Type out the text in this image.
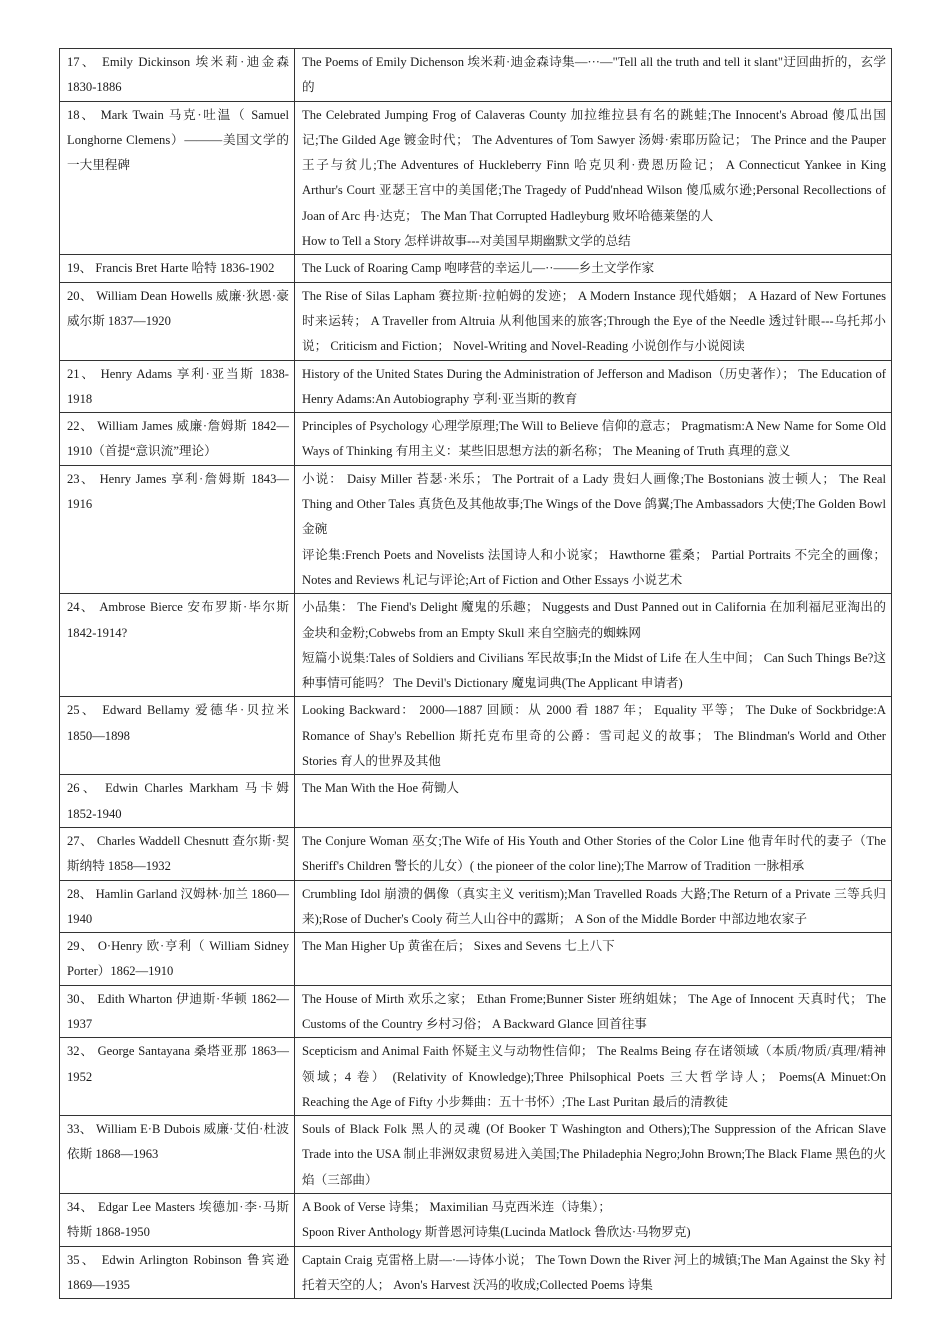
17、 Emily Dickinson 埃米莉·迪金森 1830-1886	The Poems of Emily Dichenson 埃米莉·迪金森诗集—···—"Tell all the truth and tell it slant"迂回曲折的，玄学的

18、 Mark Twain 马克·吐温（ Samuel Longhorne Clemens）———美国文学的一大里程碑	The Celebrated Jumping Frog of Calaveras County 加拉维拉县有名的跳蛙;The Innocent's Abroad 傻瓜出国记;The Gilded Age 镀金时代； The Adventures of Tom Sawyer 汤姆·索耶历险记； The Prince and the Pauper 王子与贫儿;The Adventures of Huckleberry Finn 哈克贝利·费恩历险记； A Connecticut Yankee in King Arthur's Court 亚瑟王宫中的美国佬;The Tragedy of Pudd'nhead Wilson 傻瓜威尔逊;Personal Recollections of Joan of Arc 冉·达克； The Man That Corrupted Hadleyburg 败坏哈德莱堡的人
How to Tell a Story 怎样讲故事---对美国早期幽默文学的总结

19、 Francis Bret Harte 哈特 1836-1902	The Luck of Roaring Camp 咆哮营的幸运儿—··——乡土文学作家

20、 William Dean Howells 威廉·狄恩·豪威尔斯 1837—1920	The Rise of Silas Lapham 赛拉斯·拉帕姆的发迹； A Modern Instance 现代婚姻； A Hazard of New Fortunes 时来运转； A Traveller from Altruia 从利他国来的旅客;Through the Eye of the Needle 透过针眼---乌托邦小说； Criticism and Fiction； Novel-Writing and Novel-Reading 小说创作与小说阅读

21、 Henry Adams 享利·亚当斯 1838-1918	History of the United States During the Administration of Jefferson and Madison（历史著作）； The Education of Henry Adams:An Autobiography 亨利·亚当斯的教育

22、 William James 威廉·詹姆斯 1842—1910（首提“意识流”理论）	Principles of Psychology 心理学原理;The Will to Believe 信仰的意志； Pragmatism:A New Name for Some Old Ways of Thinking 有用主义：某些旧思想方法的新名称； The Meaning of Truth 真理的意义

23、 Henry James 享利·詹姆斯 1843—1916	小说： Daisy Miller 苔瑟·米乐； The Portrait of a Lady 贵妇人画像;The Bostonians 波士顿人； The Real Thing and Other Tales 真货色及其他故事;The Wings of the Dove 鸽翼;The Ambassadors 大使;The Golden Bowl 金碗
评论集:French Poets and Novelists 法国诗人和小说家； Hawthorne 霍桑； Partial Portraits 不完全的画像； Notes and Reviews 札记与评论;Art of Fiction and Other Essays 小说艺术

24、 Ambrose Bierce 安布罗斯·毕尔斯 1842-1914?	小品集： The Fiend's Delight 魔鬼的乐趣； Nuggests and Dust Panned out in California 在加利福尼亚淘出的金块和金粉;Cobwebs from an Empty Skull 来自空脑壳的蜘蛛网
短篇小说集:Tales of Soldiers and Civilians 军民故事;In the Midst of Life 在人生中间； Can Such Things Be?这种事情可能吗？ The Devil's Dictionary 魔鬼词典(The Applicant 申请者)

25、 Edward Bellamy 爱德华·贝拉米 1850—1898	Looking Backward： 2000—1887 回顾：从 2000 看 1887 年； Equality 平等； The Duke of Sockbridge:A Romance of Shay's Rebellion 斯托克布里奇的公爵：雪司起义的故事； The Blindman's World and Other Stories 育人的世界及其他

26、 Edwin Charles Markham 马卡姆 1852-1940	The Man With the Hoe 荷锄人

27、 Charles Waddell Chesnutt 查尔斯·契斯纳特 1858—1932	The Conjure Woman 巫女;The Wife of His Youth and Other Stories of the Color Line 他青年时代的妻子（The Sheriff's Children 警长的儿女）( the pioneer of the color line);The Marrow of Tradition 一脉相承

28、 Hamlin Garland 汉姆林·加兰 1860—1940	Crumbling Idol 崩溃的偶像（真实主义 veritism);Man Travelled Roads 大路;The Return of a Private 三等兵归来);Rose of Ducher's Cooly 荷兰人山谷中的露斯； A Son of the Middle Border 中部边地农家子

29、 O·Henry 欧·亨利（ William Sidney Porter）1862—1910	The Man Higher Up 黄雀在后； Sixes and Sevens 七上八下

30、 Edith Wharton 伊迪斯·华顿 1862—1937	The House of Mirth 欢乐之家； Ethan Frome;Bunner Sister 班纳姐妹； The Age of Innocent 天真时代； The Customs of the Country 乡村习俗； A Backward Glance 回首往事

32、 George Santayana 桑塔亚那 1863—1952	Scepticism and Animal Faith 怀疑主义与动物性信仰； The Realms Being 存在诸领域（本质/物质/真理/精神领域；4 卷） (Relativity of Knowledge);Three Philsophical Poets 三大哲学诗人； Poems(A Minuet:On Reaching the Age of Fifty 小步舞曲：五十书怀）;The Last Puritan 最后的清教徒

33、 William E·B Dubois 威廉·艾伯·杜波依斯 1868—1963	Souls of Black Folk 黑人的灵魂 (Of Booker T Washington and Others);The Suppression of the African Slave Trade into the USA 制止非洲奴隶贸易进入美国;The Philadephia Negro;John Brown;The Black Flame 黑色的火焰（三部曲）

34、 Edgar Lee Masters 埃德加·李·马斯特斯 1868-1950	A Book of Verse 诗集； Maximilian 马克西米连（诗集）；
Spoon River Anthology 斯普恩河诗集(Lucinda Matlock 鲁欣达·马物罗克)

35、 Edwin Arlington Robinson 鲁宾逊 1869—1935	Captain Craig 克雷格上尉—·—诗体小说； The Town Down the River 河上的城镇;The Man Against the Sky 衬托着天空的人； Avon's Harvest 沃冯的收成;Collected Poems 诗集
